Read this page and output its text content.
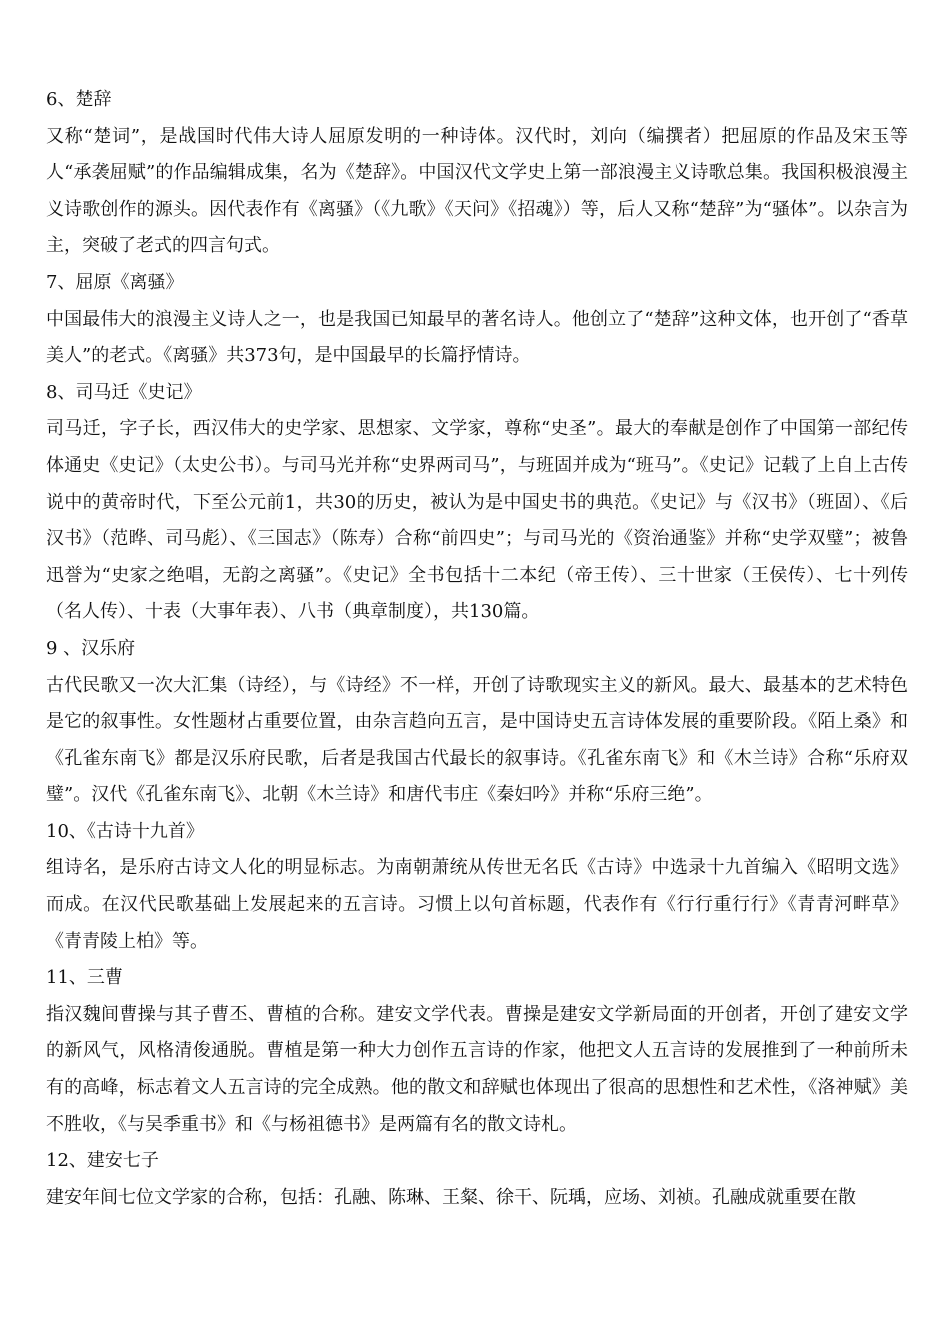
6、楚辞

又称“楚词”，是战国时代伟大诗人屈原发明的一种诗体。汉代时，刘向（编撰者）把屈原的作品及宋玉等人“承袭屈赋”的作品编辑成集，名为《楚辞》。中国汉代文学史上第一部浪漫主义诗歌总集。我国积极浪漫主义诗歌创作的源头。因代表作有《离骚》（《九歌》《天问》《招魂》）等，后人又称“楚辞”为“骚体”。以杂言为主，突破了老式的四言句式。

7、屈原《离骚》

中国最伟大的浪漫主义诗人之一，也是我国已知最早的著名诗人。他创立了“楚辞”这种文体，也开创了“香草美人”的老式。《离骚》共373句，是中国最早的长篇抒情诗。

8、司马迁《史记》

司马迁，字子长，西汉伟大的史学家、思想家、文学家，尊称“史圣”。最大的奉献是创作了中国第一部纪传体通史《史记》（太史公书）。与司马光并称“史界两司马”，与班固并成为“班马”。《史记》记载了上自上古传说中的黄帝时代，下至公元前1，共30的历史，被认为是中国史书的典范。《史记》与《汉书》（班固）、《后汉书》（范晔、司马彪）、《三国志》（陈寿）合称“前四史”；与司马光的《资治通鉴》并称“史学双璧”；被鲁迅誉为“史家之绝唱，无韵之离骚”。《史记》全书包括十二本纪（帝王传）、三十世家（王侯传）、七十列传（名人传）、十表（大事年表）、八书（典章制度），共130篇。

9 、汉乐府

古代民歌又一次大汇集（诗经），与《诗经》不一样，开创了诗歌现实主义的新风。最大、最基本的艺术特色是它的叙事性。女性题材占重要位置，由杂言趋向五言，是中国诗史五言诗体发展的重要阶段。《陌上桑》和《孔雀东南飞》都是汉乐府民歌，后者是我国古代最长的叙事诗。《孔雀东南飞》和《木兰诗》合称“乐府双璧”。汉代《孔雀东南飞》、北朝《木兰诗》和唐代韦庄《秦妇吟》并称“乐府三绝”。

10、《古诗十九首》

组诗名，是乐府古诗文人化的明显标志。为南朝萧统从传世无名氏《古诗》中选录十九首编入《昭明文选》而成。在汉代民歌基础上发展起来的五言诗。习惯上以句首标题，代表作有《行行重行行》《青青河畔草》《青青陵上柏》等。

11、三曹

指汉魏间曹操与其子曹丕、曹植的合称。建安文学代表。曹操是建安文学新局面的开创者，开创了建安文学的新风气，风格清俊通脱。曹植是第一种大力创作五言诗的作家，他把文人五言诗的发展推到了一种前所未有的高峰，标志着文人五言诗的完全成熟。他的散文和辞赋也体现出了很高的思想性和艺术性，《洛神赋》美不胜收，《与吴季重书》和《与杨祖德书》是两篇有名的散文诗札。

12、建安七子

建安年间七位文学家的合称，包括：孔融、陈琳、王粲、徐干、阮瑀，应场、刘祯。孔融成就重要在散
